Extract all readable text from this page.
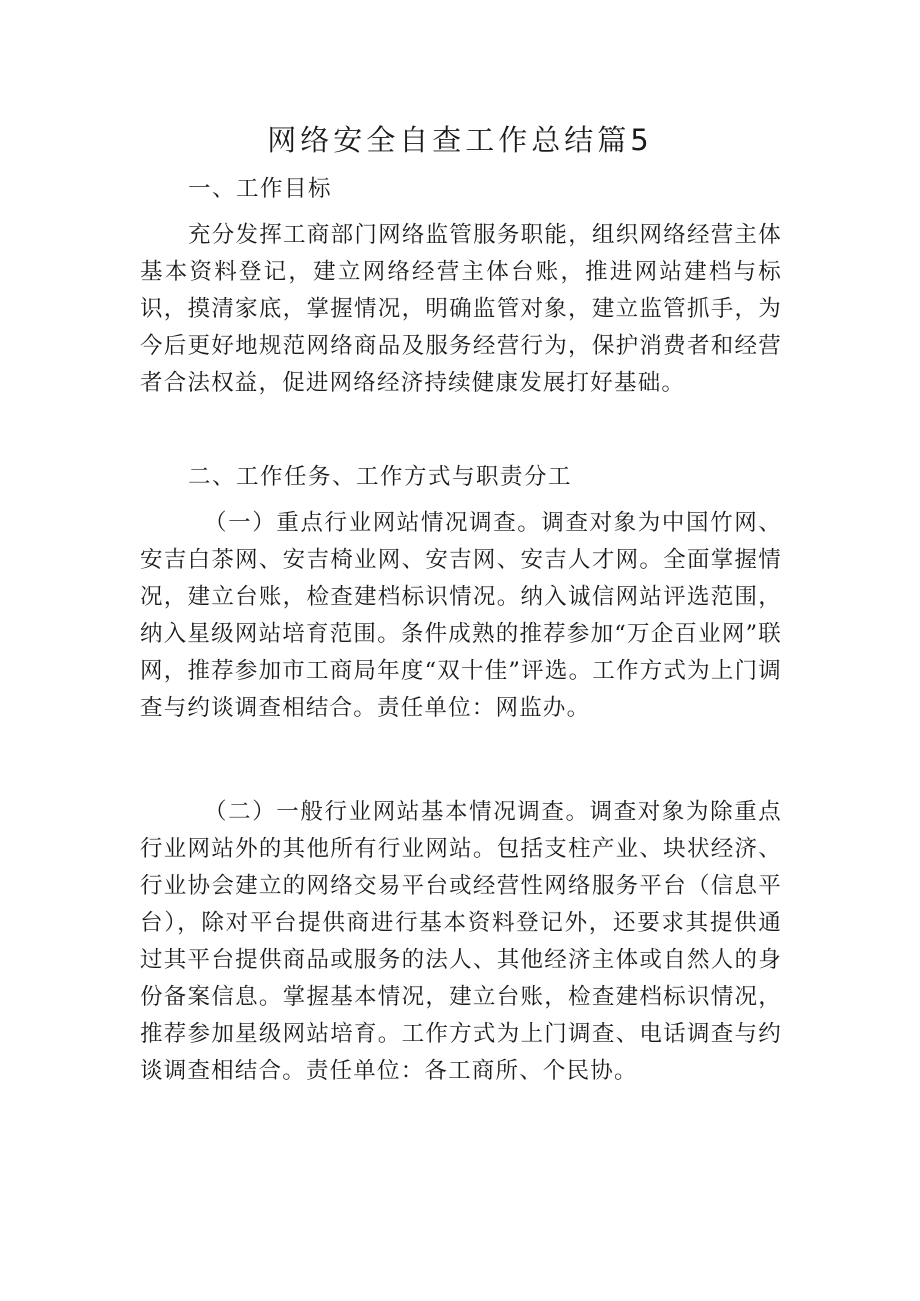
网络安全自查工作总结篇5
一、工作目标
充分发挥工商部门网络监管服务职能，组织网络经营主体基本资料登记，建立网络经营主体台账，推进网站建档与标识，摸清家底，掌握情况，明确监管对象，建立监管抓手，为今后更好地规范网络商品及服务经营行为，保护消费者和经营者合法权益，促进网络经济持续健康发展打好基础。
二、工作任务、工作方式与职责分工
（一）重点行业网站情况调查。调查对象为中国竹网、安吉白茶网、安吉椅业网、安吉网、安吉人才网。全面掌握情况，建立台账，检查建档标识情况。纳入诚信网站评选范围，纳入星级网站培育范围。条件成熟的推荐参加“万企百业网”联网，推荐参加市工商局年度“双十佳”评选。工作方式为上门调查与约谈调查相结合。责任单位：网监办。
（二）一般行业网站基本情况调查。调查对象为除重点行业网站外的其他所有行业网站。包括支柱产业、块状经济、行业协会建立的网络交易平台或经营性网络服务平台（信息平台），除对平台提供商进行基本资料登记外，还要求其提供通过其平台提供商品或服务的法人、其他经济主体或自然人的身份备案信息。掌握基本情况，建立台账，检查建档标识情况，推荐参加星级网站培育。工作方式为上门调查、电话调查与约谈调查相结合。责任单位：各工商所、个民协。
